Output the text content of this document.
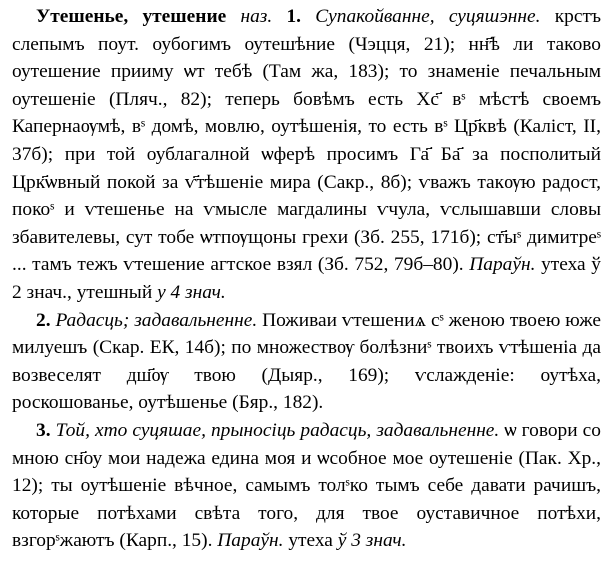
Утешенье, утешение наз. 1. Супакойванне, суцяшэнне. крстъ слепымъ поут. оубогимъ оутешѣние (Чэцця, 21); нн҃ѣ ли таково оутешение прииму ѡт тебѣ (Там жа, 183); то знаменіе печальным оутешеніе (Пляч., 82); теперь бовѣмъ есть Хс҃ вˢ мѣстѣ своемъ Капернаѹмѣ, вˢ домѣ, мовлю, оутѣшенія, то есть вˢ Цр҃квѣ (Каліст, II, 37б); при той оублагалной ѡферѣ просимъ Га҃ Ба҃ за посполитый Црк҃ѡвный покой за ѵ҃тѣшеніе мира (Сакр., 8б); ѵважъ такѹю радост, покоˢ и ѵтешенье на ѵмысле магдалины ѵчула, ѵслышавши словы збавителевы, сут тобе ѡтпѹщоны грехи (Зб. 255, 171б); ст҃ыˢ димитреˢ ... тамъ тежъ ѵтешение агтское взял (Зб. 752, 79б–80). Параўн. утеха ў 2 знач., утешный у 4 знач.

2. Радасць; задавальненне. Поживаи ѵтешениѧ сˢ женою твоею юже милуешъ (Скар. ЕК, 14б); по множествѹ болѣзниˢ твоихъ ѵтѣшеніа да возвеселят дш҃ѹ твою (Дыяр., 169); ѵслажденіе: оутѣха, роскошованье, оутѣшенье (Бяр., 182).

3. Той, хто суцяшае, прыносіць радасць, задавальненне. ѡ говори со мною сн҃оу мои надежа едина моя и ѡсобное мое оутешеніе (Пак. Хр., 12); ты оутѣшеніе вѣчное, самымъ толˢко тымъ себе давати рачишъ, которые потѣхами свѣта того, для твое оуставичное потѣхи, взгорˢжаютъ (Карп., 15). Параўн. утеха ў 3 знач.
